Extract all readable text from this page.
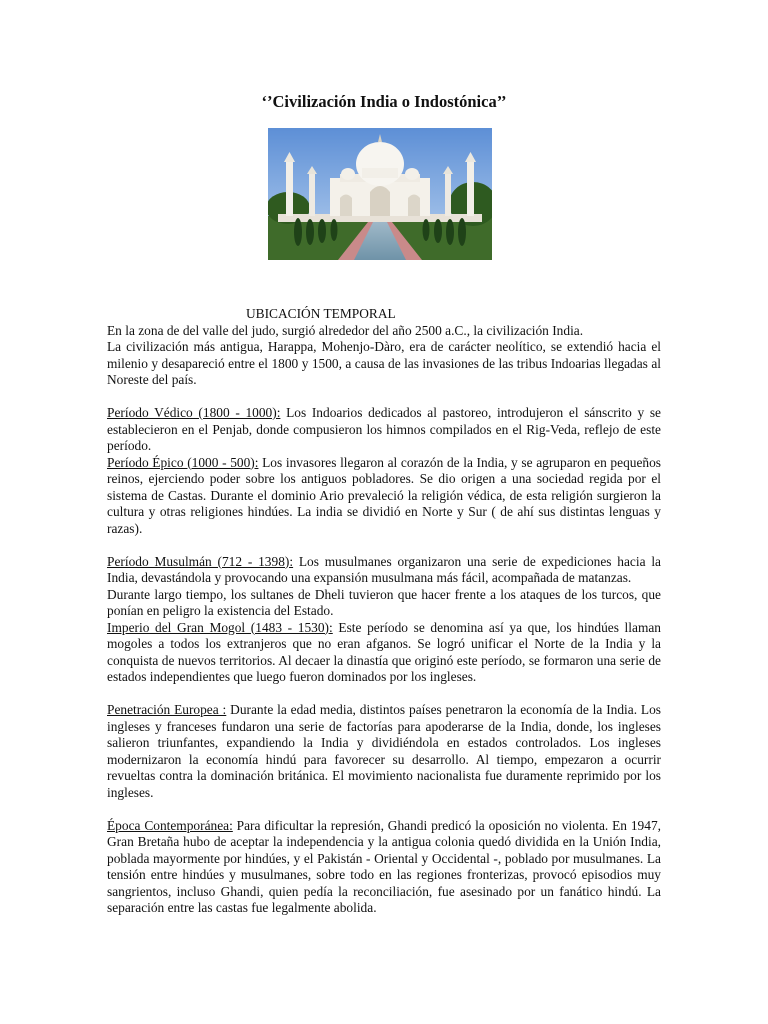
‘’Civilización India o Indostónica’’

UBICACIÓN TEMPORAL

En la zona de del valle del judo, surgió alrededor del año 2500 a.C., la civilización India.

La civilización más antigua, Harappa, Mohenjo-Dàro, era de carácter neolítico, se extendió hacia el milenio y desapareció entre el 1800 y 1500, a causa de las invasiones de las tribus Indoarias llegadas al Noreste del país.

Período Védico (1800 - 1000): Los Indoarios dedicados al pastoreo, introdujeron el sánscrito y se establecieron en el Penjab, donde compusieron los himnos compilados en el Rig-Veda, reflejo de este período.

Período Épico (1000 - 500): Los invasores llegaron al corazón de la India, y se agruparon en pequeños reinos, ejerciendo poder sobre los antiguos pobladores. Se dio origen a una sociedad regida por el sistema de Castas. Durante el dominio Ario prevaleció la religión védica, de esta religión surgieron la cultura y otras religiones hindúes. La india se dividió en Norte y Sur ( de ahí sus distintas lenguas y razas).

Período Musulmán (712 - 1398): Los musulmanes organizaron una serie de expediciones hacia la India, devastándola y provocando una expansión musulmana más fácil, acompañada de matanzas.

Durante largo tiempo, los sultanes de Dheli tuvieron que hacer frente a los ataques de los turcos, que ponían en peligro la existencia del Estado.

Imperio del Gran Mogol (1483 - 1530): Este período se denomina así ya que, los hindúes llaman mogoles a todos los extranjeros que no eran afganos. Se logró unificar el Norte de la India y la conquista de nuevos territorios. Al decaer la dinastía que originó este período, se formaron una serie de estados independientes que luego fueron dominados por los ingleses.

Penetración Europea : Durante la edad media, distintos países penetraron la economía de la India. Los ingleses y franceses fundaron una serie de factorías para apoderarse de la India, donde, los ingleses salieron triunfantes, expandiendo la India y dividiéndola en estados controlados. Los ingleses modernizaron la economía hindú para favorecer su desarrollo. Al tiempo, empezaron a ocurrir revueltas contra la dominación británica. El movimiento nacionalista fue duramente reprimido por los ingleses.

Época Contemporánea: Para dificultar la represión, Ghandi predicó la oposición no violenta. En 1947, Gran Bretaña hubo de aceptar la independencia y la antigua colonia quedó dividida en la Unión India, poblada mayormente por hindúes, y el Pakistán - Oriental y Occidental -, poblado por musulmanes. La tensión entre hindúes y musulmanes, sobre todo en las regiones fronterizas, provocó episodios muy sangrientos, incluso Ghandi, quien pedía la reconciliación, fue asesinado por un fanático hindú. La separación entre las castas fue legalmente abolida.
